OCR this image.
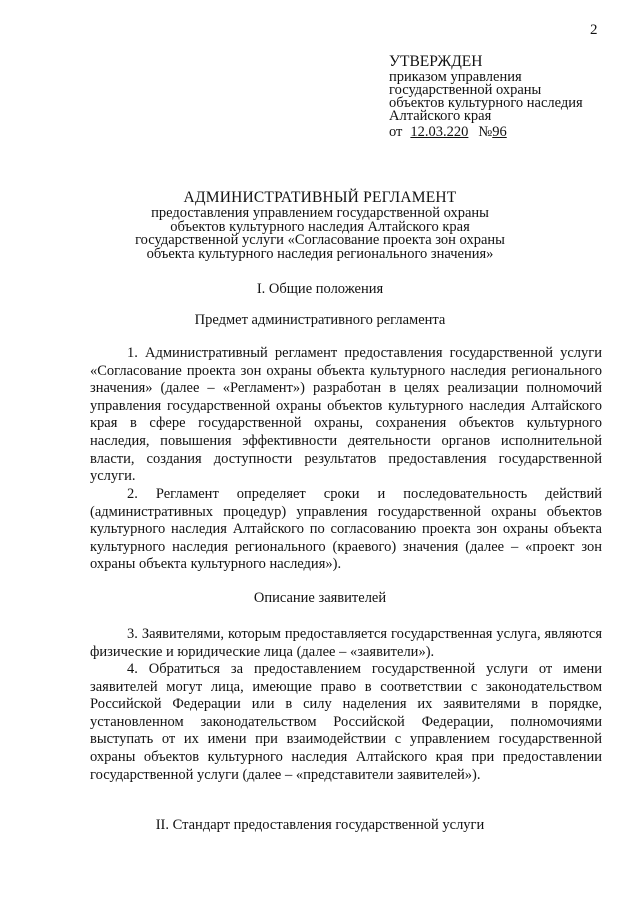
2
УТВЕРЖДЕН
приказом управления
государственной охраны
объектов культурного наследия
Алтайского края
от 12.03.220 №96
АДМИНИСТРАТИВНЫЙ РЕГЛАМЕНТ
предоставления управлением государственной охраны
объектов культурного наследия Алтайского края
государственной услуги «Согласование проекта зон охраны
объекта культурного наследия регионального значения»
I. Общие положения
Предмет административного регламента
1. Административный регламент предоставления государственной услуги «Согласование проекта зон охраны объекта культурного наследия регионального значения» (далее – «Регламент») разработан в целях реализации полномочий управления государственной охраны объектов культурного наследия Алтайского края в сфере государственной охраны, сохранения объектов культурного наследия, повышения эффективности деятельности органов исполнительной власти, создания доступности результатов предоставления государственной услуги.
2. Регламент определяет сроки и последовательность действий (административных процедур) управления государственной охраны объектов культурного наследия Алтайского по согласованию проекта зон охраны объекта культурного наследия регионального (краевого) значения (далее – «проект зон охраны объекта культурного наследия»).
Описание заявителей
3. Заявителями, которым предоставляется государственная услуга, являются физические и юридические лица (далее – «заявители»).
4. Обратиться за предоставлением государственной услуги от имени заявителей могут лица, имеющие право в соответствии с законодательством Российской Федерации или в силу наделения их заявителями в порядке, установленном законодательством Российской Федерации, полномочиями выступать от их имени при взаимодействии с управлением государственной охраны объектов культурного наследия Алтайского края при предоставлении государственной услуги (далее – «представители заявителей»).
II. Стандарт предоставления государственной услуги
